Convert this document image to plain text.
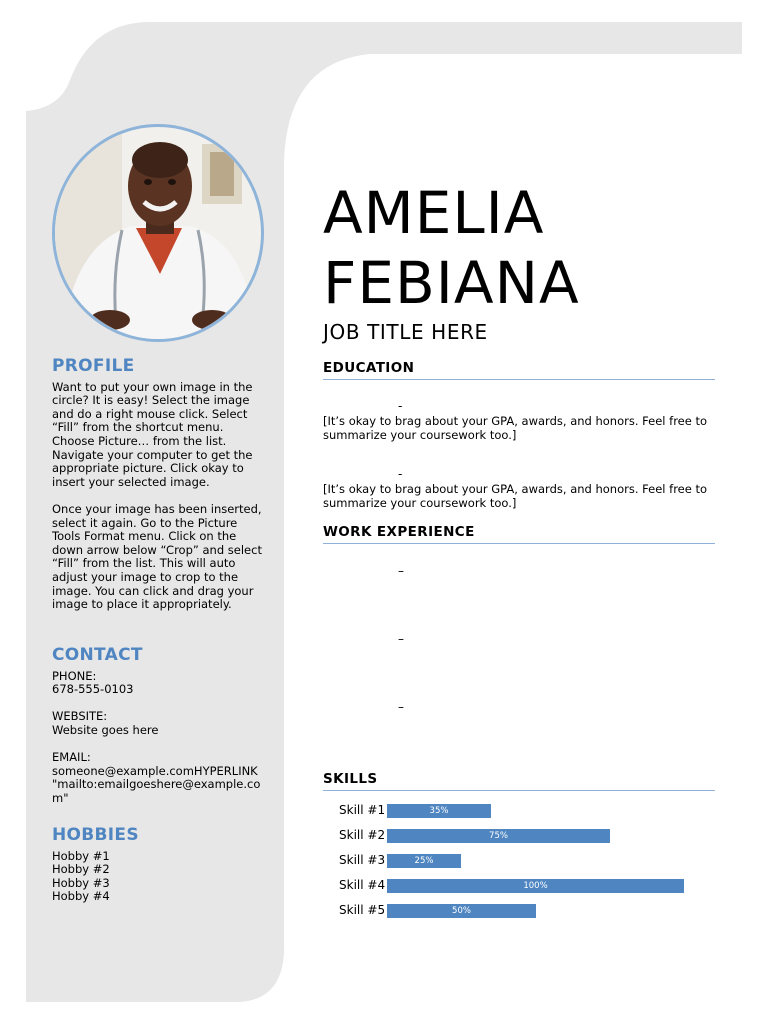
PROFILE

Want to put your own image in the

circle? It is easy! Select the image

and do a right mouse click. Select

“Fill” from the shortcut menu.

Choose Picture… from the list.

Navigate your computer to get the

appropriate picture. Click okay to

insert your selected image.

Once your image has been inserted,

select it again. Go to the Picture

Tools Format menu. Click on the

down arrow below “Crop” and select

“Fill” from the list. This will auto

adjust your image to crop to the

image. You can click and drag your

image to place it appropriately.

CONTACT

PHONE:

678-555-0103

WEBSITE:

Website goes here

EMAIL:

someone@example.comHYPERLINK

"mailto:emailgoeshere@example.co

m"

HOBBIES

Hobby #1

Hobby #2

Hobby #3

Hobby #4

AMELIA
FEBIANA
JOB TITLE HERE
EDUCATION
-
[It’s okay to brag about your GPA, awards, and honors. Feel free to
summarize your coursework too.]
-
[It’s okay to brag about your GPA, awards, and honors. Feel free to
summarize your coursework too.]
WORK EXPERIENCE
–
–
–
SKILLS
Skill #1	35%
Skill #2	75%
Skill #3	25%
Skill #4	100%
Skill #5	50%
